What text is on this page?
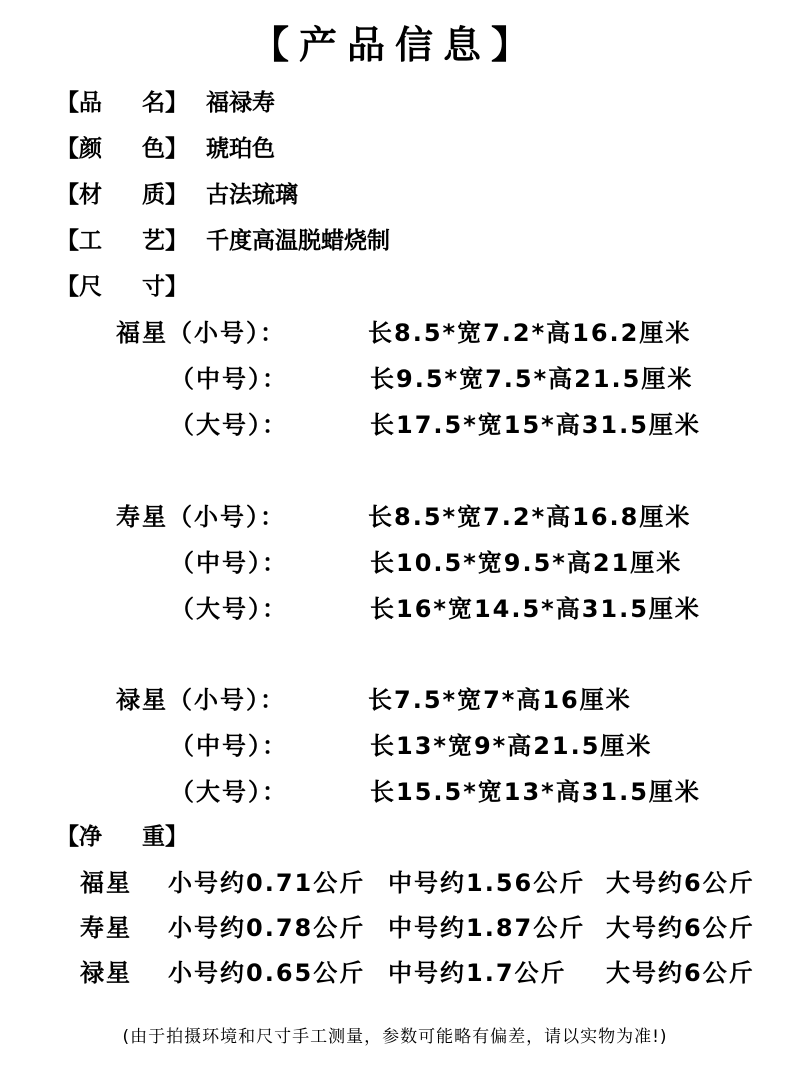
【产品信息】
【品 名】 福禄寿
【颜 色】 琥珀色
【材 质】 古法琉璃
【工 艺】 千度高温脱蜡烧制
【尺 寸】
福星（小号）：	长8.5*宽7.2*高16.2厘米
（中号）：	长9.5*宽7.5*高21.5厘米
（大号）：	长17.5*宽15*高31.5厘米
寿星（小号）：	长8.5*宽7.2*高16.8厘米
（中号）：	长10.5*宽9.5*高21厘米
（大号）：	长16*宽14.5*高31.5厘米
禄星（小号）：	长7.5*宽7*高16厘米
（中号）：	长13*宽9*高21.5厘米
（大号）：	长15.5*宽13*高31.5厘米
【净 重】
福星 小号约0.71公斤 中号约1.56公斤 大号约6公斤
寿星 小号约0.78公斤 中号约1.87公斤 大号约6公斤
禄星 小号约0.65公斤 中号约1.7公斤 大号约6公斤
(由于拍摄环境和尺寸手工测量，参数可能略有偏差，请以实物为准!)
